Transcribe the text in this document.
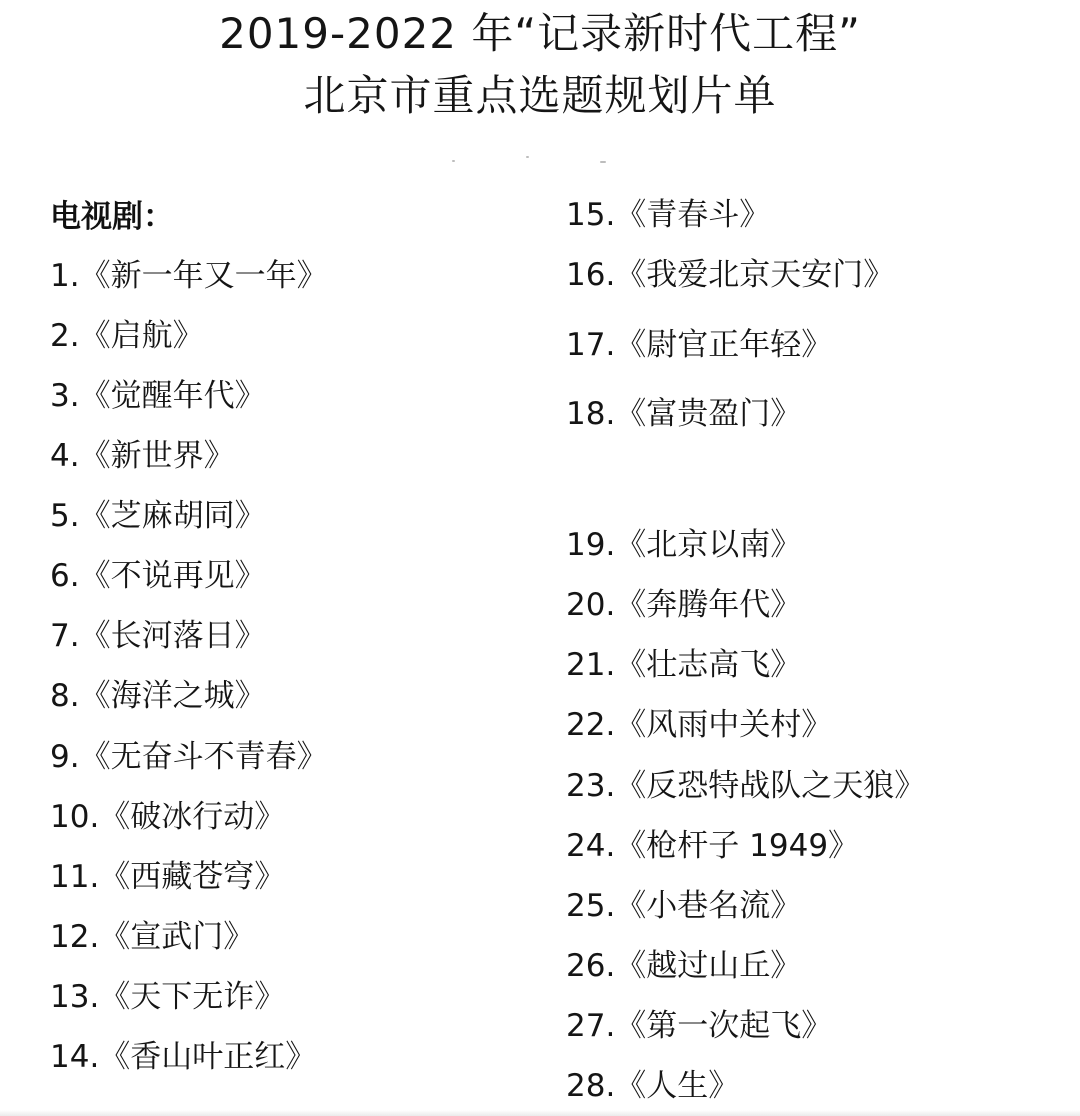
2019-2022 年“记录新时代工程”
北京市重点选题规划片单
电视剧：
1.《新一年又一年》
2.《启航》
3.《觉醒年代》
4.《新世界》
5.《芝麻胡同》
6.《不说再见》
7.《长河落日》
8.《海洋之城》
9.《无奋斗不青春》
10.《破冰行动》
11.《西藏苍穹》
12.《宣武门》
13.《天下无诈》
14.《香山叶正红》
15.《青春斗》
16.《我爱北京天安门》
17.《尉官正年轻》
18.《富贵盈门》
19.《北京以南》
20.《奔腾年代》
21.《壮志高飞》
22.《风雨中关村》
23.《反恐特战队之天狼》
24.《枪杆子 1949》
25.《小巷名流》
26.《越过山丘》
27.《第一次起飞》
28.《人生》
